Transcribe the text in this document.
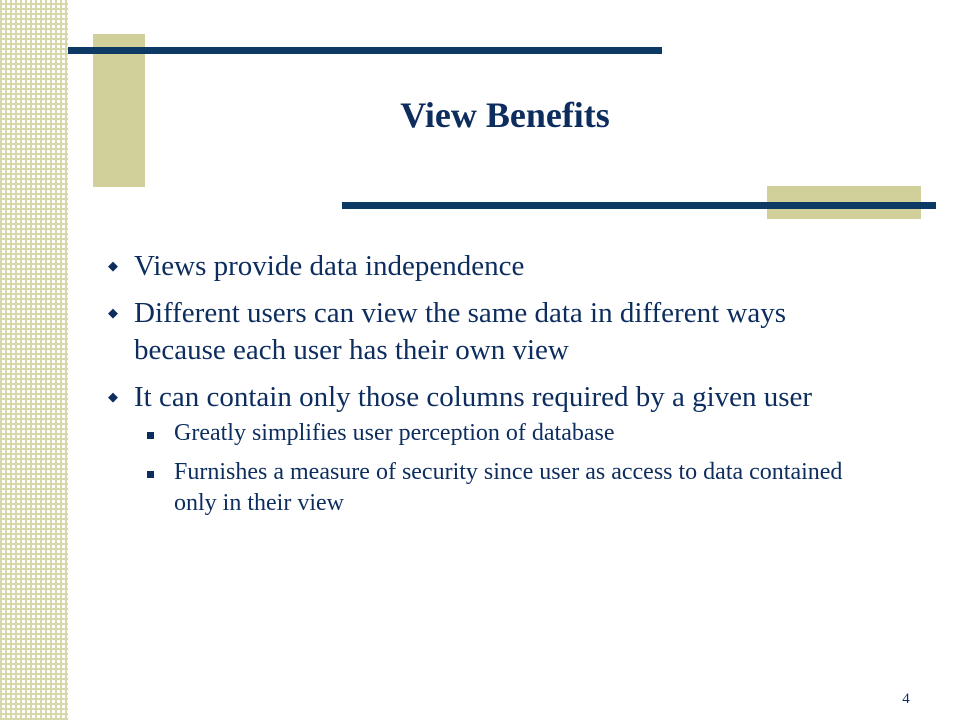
View Benefits
◆ Views provide data independence
◆ Different users can view the same data in different ways because each user has their own view
◆ It can contain only those columns required by a given user
Greatly simplifies user perception of database
Furnishes a measure of security since user as access to data contained only in their view
4
